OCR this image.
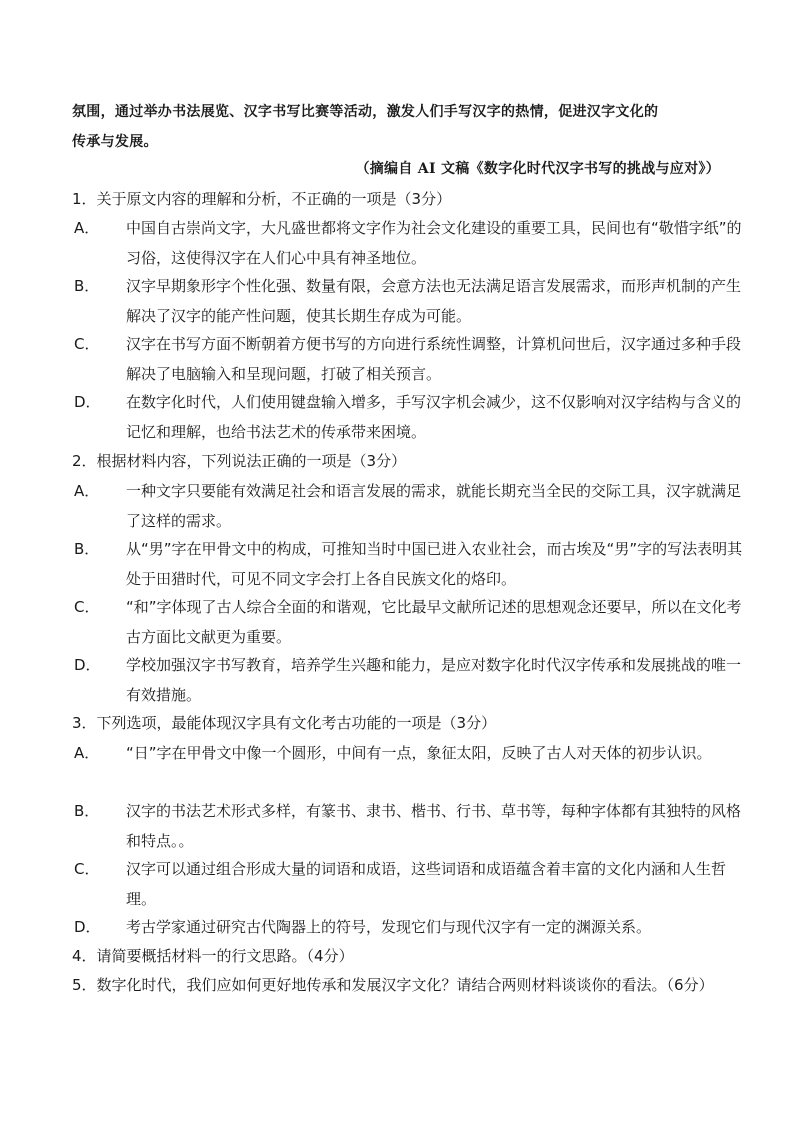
氛围，通过举办书法展览、汉字书写比赛等活动，激发人们手写汉字的热情，促进汉字文化的
传承与发展。
（摘编自 AI 文稿《数字化时代汉字书写的挑战与应对》）
1．关于原文内容的理解和分析，不正确的一项是（3分）
A． 中国自古崇尚文字，大凡盛世都将文字作为社会文化建设的重要工具，民间也有“敬惜字纸”的习俗，这使得汉字在人们心中具有神圣地位。
B． 汉字早期象形字个性化强、数量有限，会意方法也无法满足语言发展需求，而形声机制的产生解决了汉字的能产性问题，使其长期生存成为可能。
C． 汉字在书写方面不断朝着方便书写的方向进行系统性调整，计算机问世后，汉字通过多种手段解决了电脑输入和呈现问题，打破了相关预言。
D． 在数字化时代，人们使用键盘输入增多，手写汉字机会减少，这不仅影响对汉字结构与含义的记忆和理解，也给书法艺术的传承带来困境。
2．根据材料内容，下列说法正确的一项是（3分）
A． 一种文字只要能有效满足社会和语言发展的需求，就能长期充当全民的交际工具，汉字就满足了这样的需求。
B． 从“男”字在甲骨文中的构成，可推知当时中国已进入农业社会，而古埃及“男”字的写法表明其处于田猎时代，可见不同文字会打上各自民族文化的烙印。
C． “和”字体现了古人综合全面的和谐观，它比最早文献所记述的思想观念还要早，所以在文化考古方面比文献更为重要。
D． 学校加强汉字书写教育，培养学生兴趣和能力，是应对数字化时代汉字传承和发展挑战的唯一有效措施。
3．下列选项，最能体现汉字具有文化考古功能的一项是（3分）
A． “日”字在甲骨文中像一个圆形，中间有一点，象征太阳，反映了古人对天体的初步认识。
B． 汉字的书法艺术形式多样，有篆书、隶书、楷书、行书、草书等，每种字体都有其独特的风格和特点。。
C． 汉字可以通过组合形成大量的词语和成语，这些词语和成语蕴含着丰富的文化内涵和人生哲理。
D． 考古学家通过研究古代陶器上的符号，发现它们与现代汉字有一定的渊源关系。
4．请简要概括材料一的行文思路。（4分）
5．数字化时代，我们应如何更好地传承和发展汉字文化？请结合两则材料谈谈你的看法。（6分）
